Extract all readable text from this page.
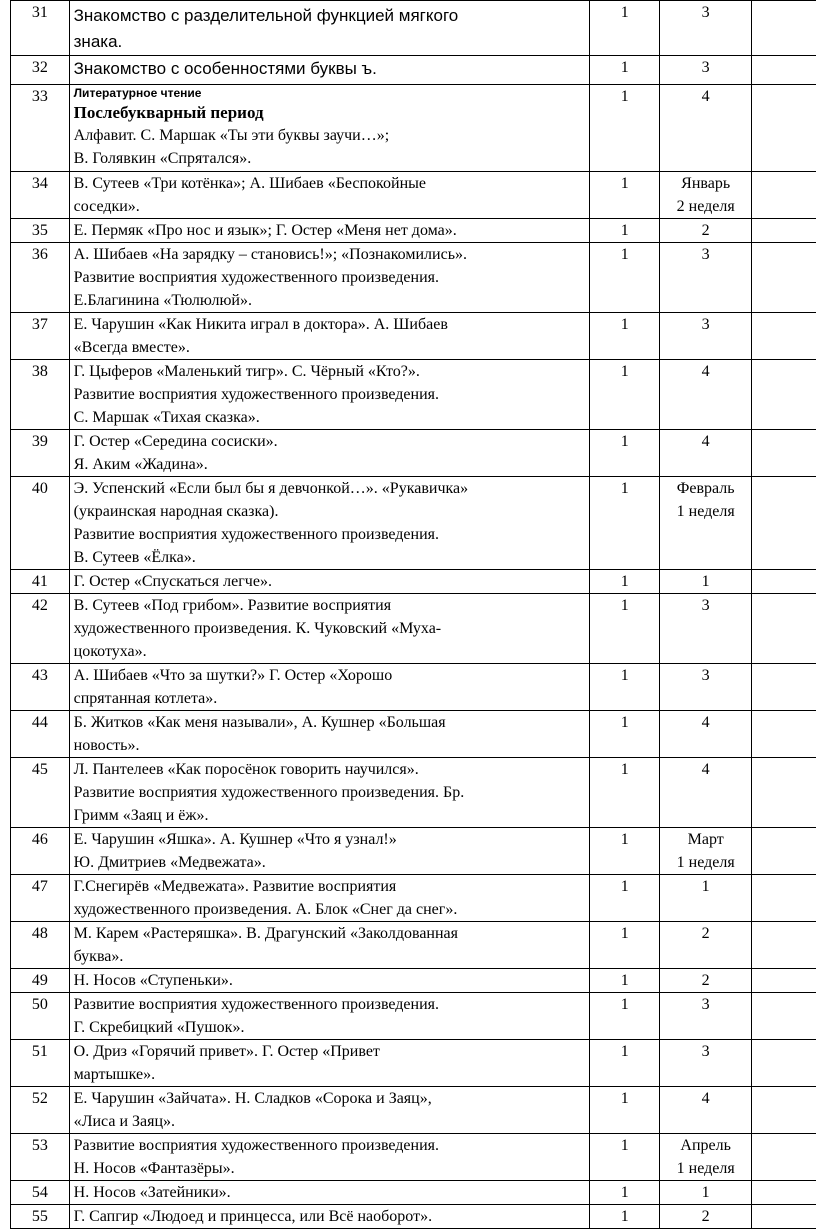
31	Знакомство с разделительной функцией мягкого
знака.	1	3	

32	Знакомство с особенностями буквы ъ.	1	3	

33	Литературное чтение
Послебукварный период
Алфавит. С. Маршак «Ты эти буквы заучи…»;
В. Голявкин «Спрятался».	1	4	

34	В. Сутеев «Три котёнка»; А. Шибаев «Беспокойные
соседки».	1	Январь
2 неделя	

35	Е. Пермяк «Про нос и язык»; Г. Остер «Меня нет дома».	1	2	

36	А. Шибаев «На зарядку – становись!»; «Познакомились».
Развитие восприятия художественного произведения.
Е.Благинина «Тюлюлюй».	1	3	

37	Е. Чарушин «Как Никита играл в доктора». А. Шибаев
«Всегда вместе».	1	3	

38	Г. Цыферов «Маленький тигр». С. Чёрный «Кто?».
Развитие восприятия художественного произведения.
С. Маршак «Тихая сказка».	1	4	

39	Г. Остер «Середина сосиски».
Я. Аким «Жадина».	1	4	

40	Э. Успенский «Если был бы я девчонкой…». «Рукавичка»
(украинская народная сказка).
Развитие восприятия художественного произведения.
В. Сутеев «Ёлка».	1	Февраль
1 неделя	

41	Г. Остер «Спускаться легче».	1	1	

42	В. Сутеев «Под грибом». Развитие восприятия
художественного произведения. К. Чуковский «Муха-
цокотуха».	1	3	

43	А. Шибаев «Что за шутки?» Г. Остер «Хорошо
спрятанная котлета».	1	3	

44	Б. Житков «Как меня называли», А. Кушнер «Большая
новость».	1	4	

45	Л. Пантелеев «Как поросёнок говорить научился».
Развитие восприятия художественного произведения. Бр.
Гримм «Заяц и ёж».	1	4	

46	Е. Чарушин «Яшка». А. Кушнер «Что я узнал!»
Ю. Дмитриев «Медвежата».	1	Март
1 неделя	

47	Г.Снегирёв «Медвежата». Развитие восприятия
художественного произведения. А. Блок «Снег да снег».	1	1	

48	М. Карем «Растеряшка». В. Драгунский «Заколдованная
буква».	1	2	

49	Н. Носов «Ступеньки».	1	2	

50	Развитие восприятия художественного произведения.
Г. Скребицкий «Пушок».	1	3	

51	О. Дриз «Горячий привет». Г. Остер «Привет
мартышке».	1	3	

52	Е. Чарушин «Зайчата». Н. Сладков «Сорока и Заяц»,
«Лиса и Заяц».	1	4	

53	Развитие восприятия художественного произведения.
Н. Носов «Фантазёры».	1	Апрель
1 неделя	

54	Н. Носов «Затейники».	1	1	

55	Г. Сапгир «Людоед и принцесса, или Всё наоборот».	1	2	
